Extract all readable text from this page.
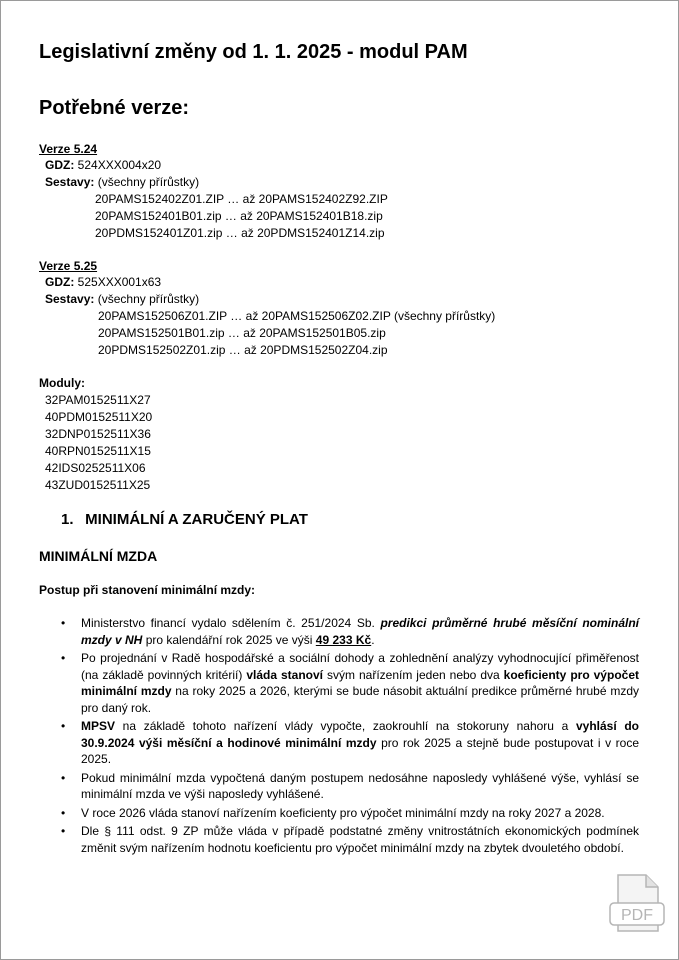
Legislativní změny od 1. 1. 2025 - modul PAM
Potřebné verze:
Verze 5.24
GDZ: 524XXX004x20
Sestavy: (všechny přírůstky)
20PAMS152402Z01.ZIP … až 20PAMS152402Z92.ZIP
20PAMS152401B01.zip … až 20PAMS152401B18.zip
20PDMS152401Z01.zip … až 20PDMS152401Z14.zip
Verze 5.25
GDZ: 525XXX001x63
Sestavy: (všechny přírůstky)
20PAMS152506Z01.ZIP … až 20PAMS152506Z02.ZIP (všechny přírůstky)
20PAMS152501B01.zip … až 20PAMS152501B05.zip
20PDMS152502Z01.zip … až 20PDMS152502Z04.zip
Moduly:
32PAM0152511X27
40PDM0152511X20
32DNP0152511X36
40RPN0152511X15
42IDS0252511X06
43ZUD0152511X25
1. MINIMÁLNÍ A ZARUČENÝ PLAT
MINIMÁLNÍ MZDA
Postup při stanovení minimální mzdy:
• Ministerstvo financí vydalo sdělením č. 251/2024 Sb. predikci průměrné hrubé měsíční nominální mzdy v NH pro kalendářní rok 2025 ve výši 49 233 Kč.
• Po projednání v Radě hospodářské a sociální dohody a zohlednění analýzy vyhodnocující přiměřenost (na základě povinných kritérií) vláda stanoví svým nařízením jeden nebo dva koeficienty pro výpočet minimální mzdy na roky 2025 a 2026, kterými se bude násobit aktuální predikce průměrné hrubé mzdy pro daný rok.
• MPSV na základě tohoto nařízení vlády vypočte, zaokrouhlí na stokoruny nahoru a vyhlásí do 30.9.2024 výši měsíční a hodinové minimální mzdy pro rok 2025 a stejně bude postupovat i v roce 2025.
• Pokud minimální mzda vypočtená daným postupem nedosáhne naposledy vyhlášené výše, vyhlásí se minimální mzda ve výši naposledy vyhlášené.
• V roce 2026 vláda stanoví nařízením koeficienty pro výpočet minimální mzdy na roky 2027 a 2028.
• Dle § 111 odst. 9 ZP může vláda v případě podstatné změny vnitrostátních ekonomických podmínek změnit svým nařízením hodnotu koeficientu pro výpočet minimální mzdy na zbytek dvouletého období.
PDF
